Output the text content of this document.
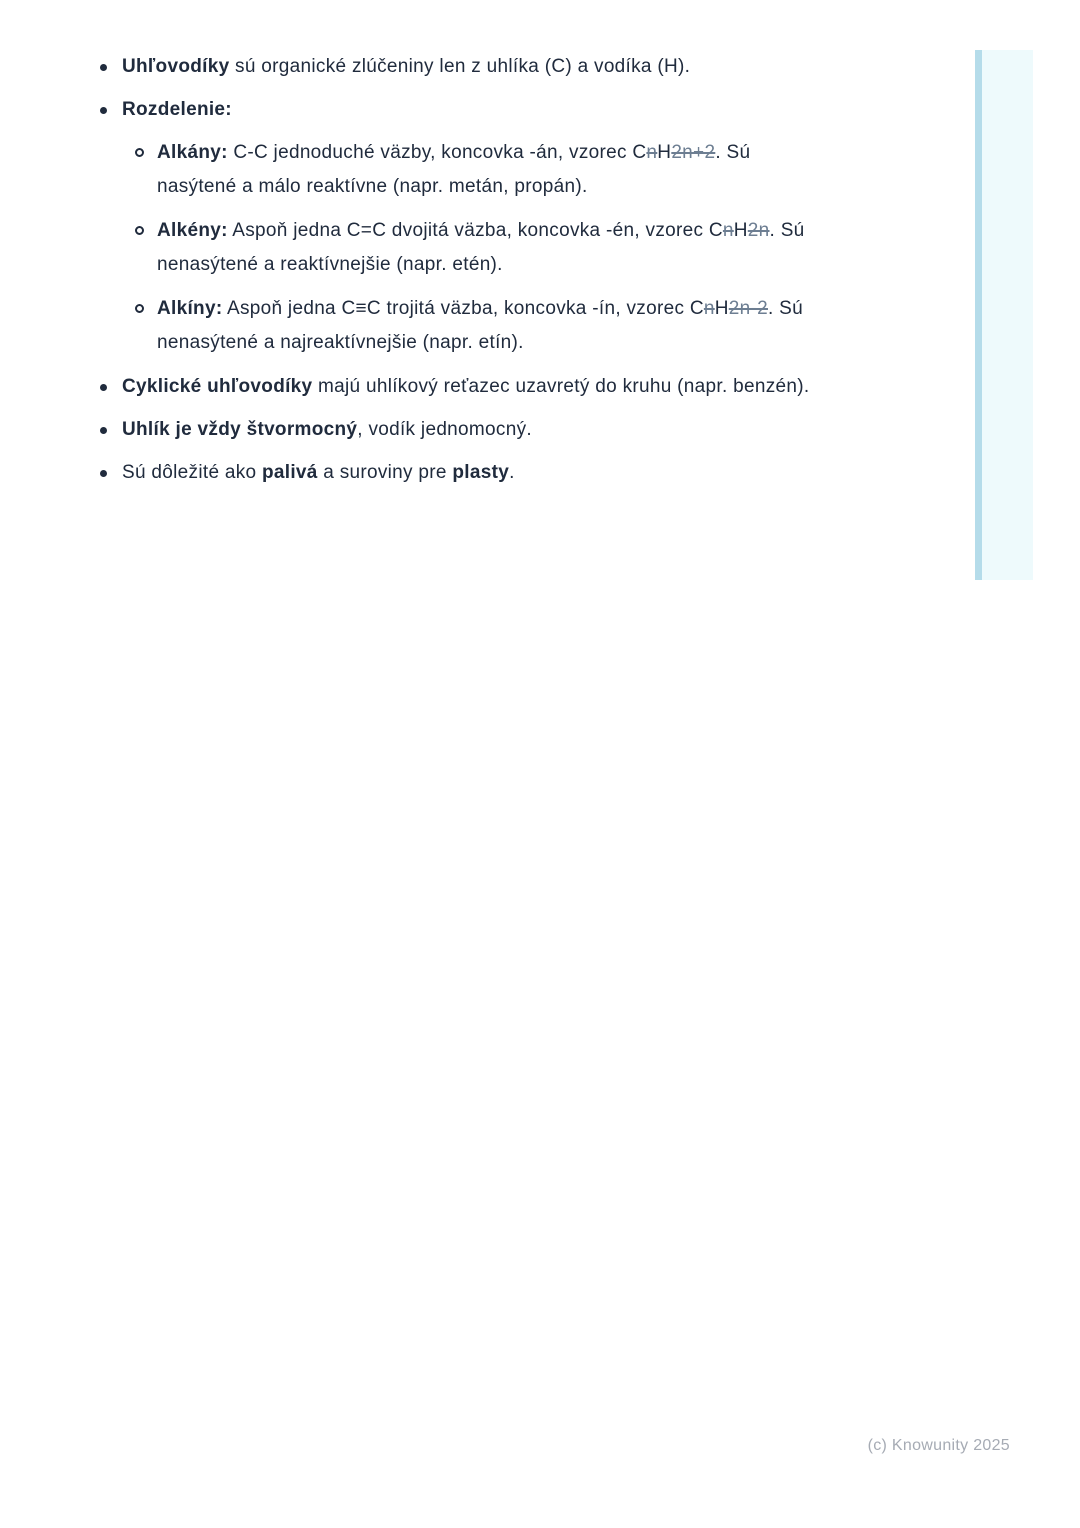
Uhľovodíky sú organické zlúčeniny len z uhlíka (C) a vodíka (H).
Rozdelenie:
Alkány: C-C jednoduché väzby, koncovka -án, vzorec CnH2n+2. Sú nasýtené a málo reaktívne (napr. metán, propán).
Alkény: Aspoň jedna C=C dvojitá väzba, koncovka -én, vzorec CnH2n. Sú nenasýtené a reaktívnejšie (napr. etén).
Alkíny: Aspoň jedna C≡C trojitá väzba, koncovka -ín, vzorec CnH2n-2. Sú nenasýtené a najreaktívnejšie (napr. etín).
Cyklické uhľovodíky majú uhlíkový reťazec uzavretý do kruhu (napr. benzén).
Uhlík je vždy štvormocný, vodík jednomocný.
Sú dôležité ako palivá a suroviny pre plasty.
(c) Knowunity 2025
